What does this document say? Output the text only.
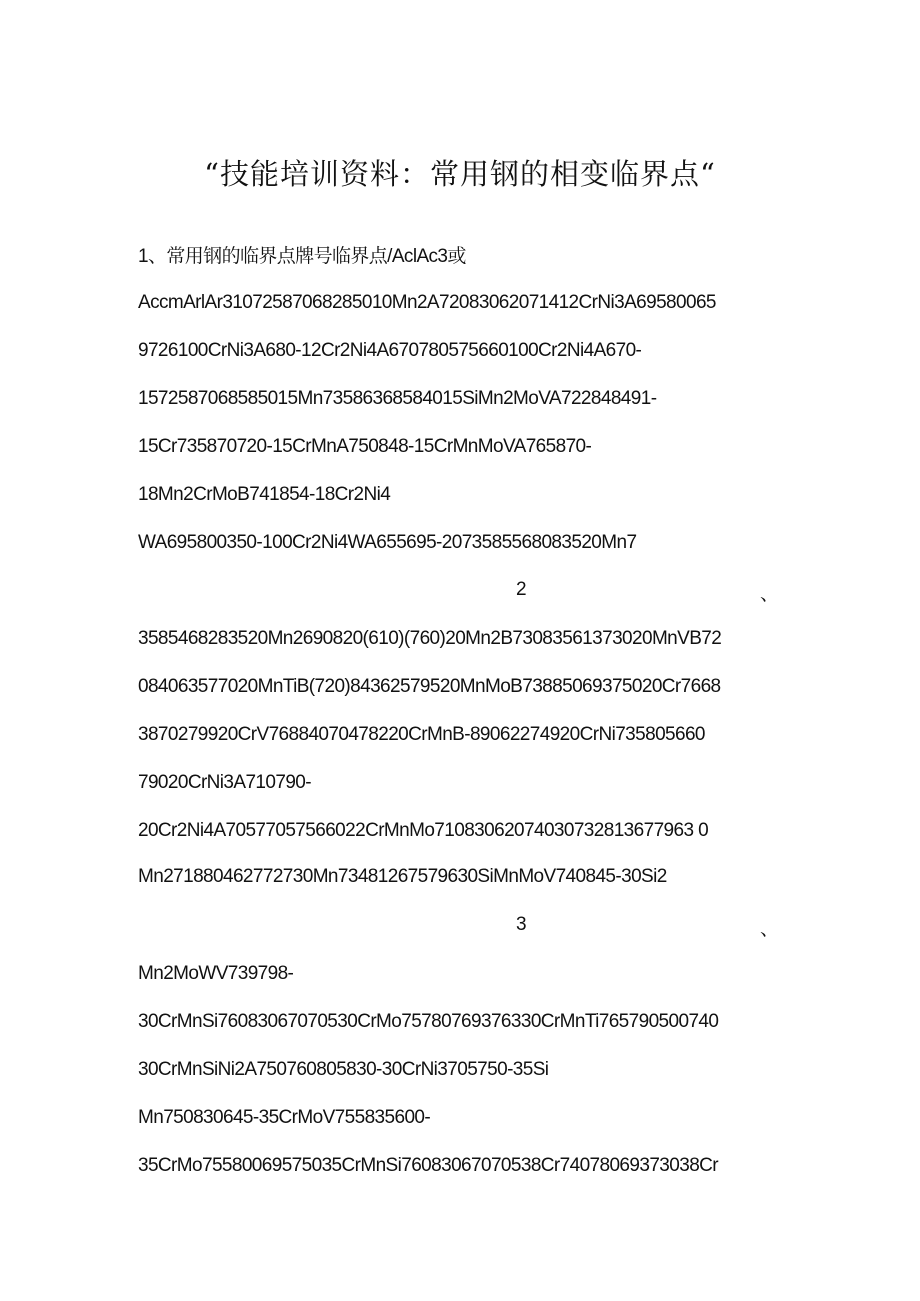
“技能培训资料：常用钢的相变临界点“
1、常用钢的临界点牌号临界点/AclAc3或
AccmArlAr31072587068285010Mn2A72083062071412CrNi3A69580065
9726100CrNi3A680-12Cr2Ni4A670780575660100Cr2Ni4A670-
1572587068585015Mn73586368584015SiMn2MoVA722848491-
15Cr735870720-15CrMnA750848-15CrMnMoVA765870-
18Mn2CrMoB741854-18Cr2Ni4
WA695800350-100Cr2Ni4WA655695-2073585568083520Mn7
2	、
3585468283520Mn2690820(610)(760)20Mn2B73083561373020MnVB72
084063577020MnTiB(720)84362579520MnMoB73885069375020Cr7668
3870279920CrV76884070478220CrMnB-89062274920CrNi735805660
79020CrNi3A710790-
20Cr2Ni4A70577057566022CrMnMo71083062074030732813677963 0
Mn271880462772730Mn73481267579630SiMnMoV740845-30Si2
3	、
Mn2MoWV739798-
30CrMnSi76083067070530CrMo75780769376330CrMnTi765790500740
30CrMnSiNi2A750760805830-30CrNi3705750-35Si
Mn750830645-35CrMoV755835600-
35CrMo75580069575035CrMnSi76083067070538Cr74078069373038Cr
